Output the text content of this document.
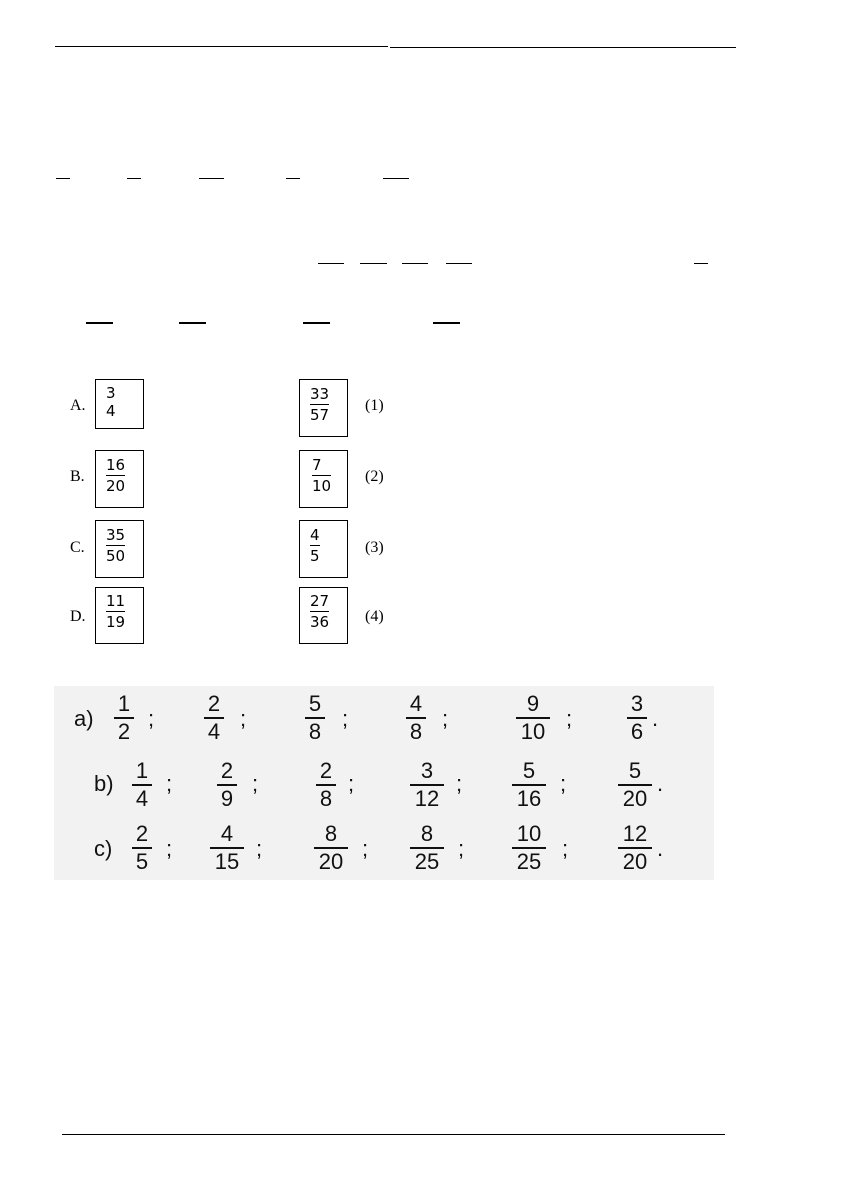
A.
3
4
B.
16
20
C.
35
50
D.
11
19
33
57
(1)
7
10
(2)
4
5	(3)
27
36 (4)
a)
1
2
;
2
4
;
5
8
;
4
8
;
9
10
;
3
6
.
b)
1
4
;
2
9
;
2
8
;
3
12
;
5
16
;
5
20
.
c)
2
5
;
4
15
;
8
20
;
8
25
;
10
25
;
12
20
.
